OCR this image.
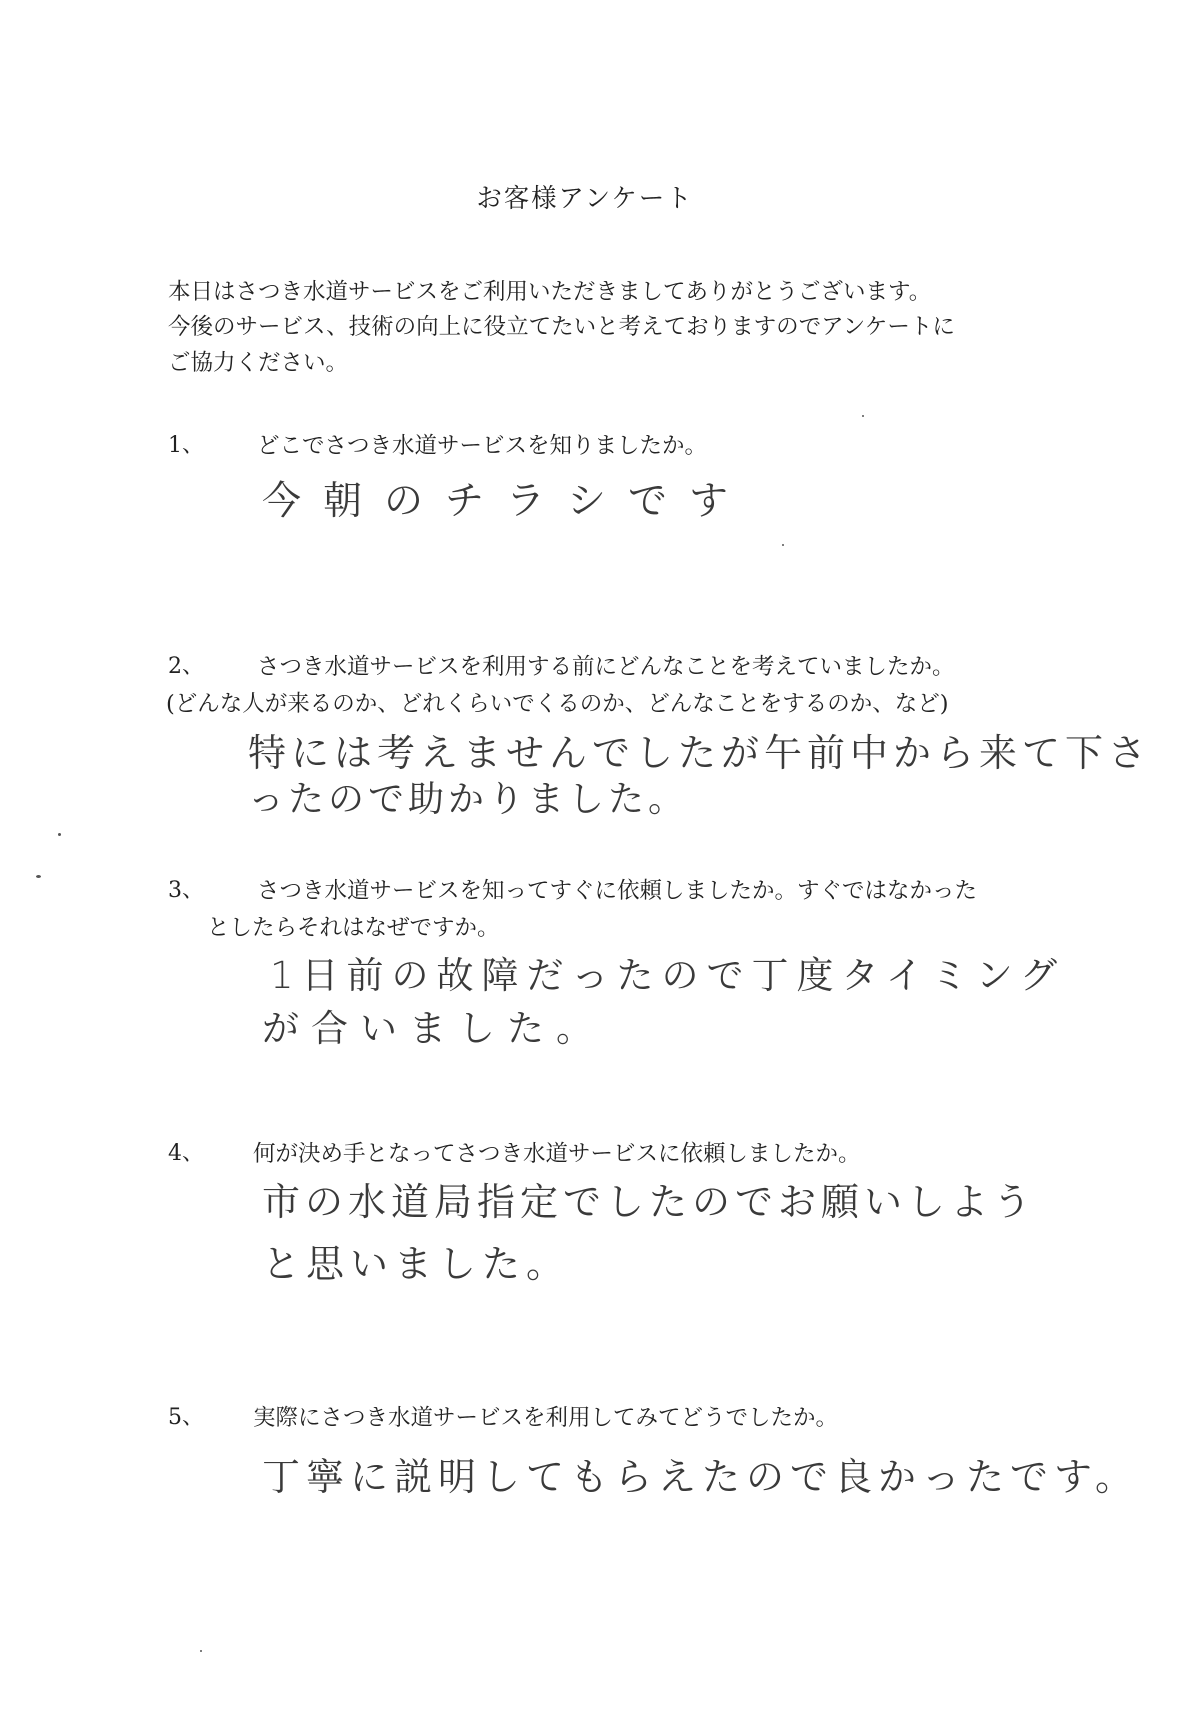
お客様アンケート
本日はさつき水道サービスをご利用いただきましてありがとうございます。
今後のサービス、技術の向上に役立てたいと考えておりますのでアンケートに
ご協力ください。
1、 どこでさつき水道サービスを知りましたか。
今朝のチラシです
2、 さつき水道サービスを利用する前にどんなことを考えていましたか。
(どんな人が来るのか、どれくらいでくるのか、どんなことをするのか、など)
特には考えませんでしたが午前中から来て下さ
ったので助かりました。
3、 さつき水道サービスを知ってすぐに依頼しましたか。すぐではなかった
としたらそれはなぜですか。
1日前の故障だったので丁度タイミング
が合いました。
4、 何が決め手となってさつき水道サービスに依頼しましたか。
市の水道局指定でしたのでお願いしよう
と思いました。
5、 実際にさつき水道サービスを利用してみてどうでしたか。
丁寧に説明してもらえたので良かったです。
